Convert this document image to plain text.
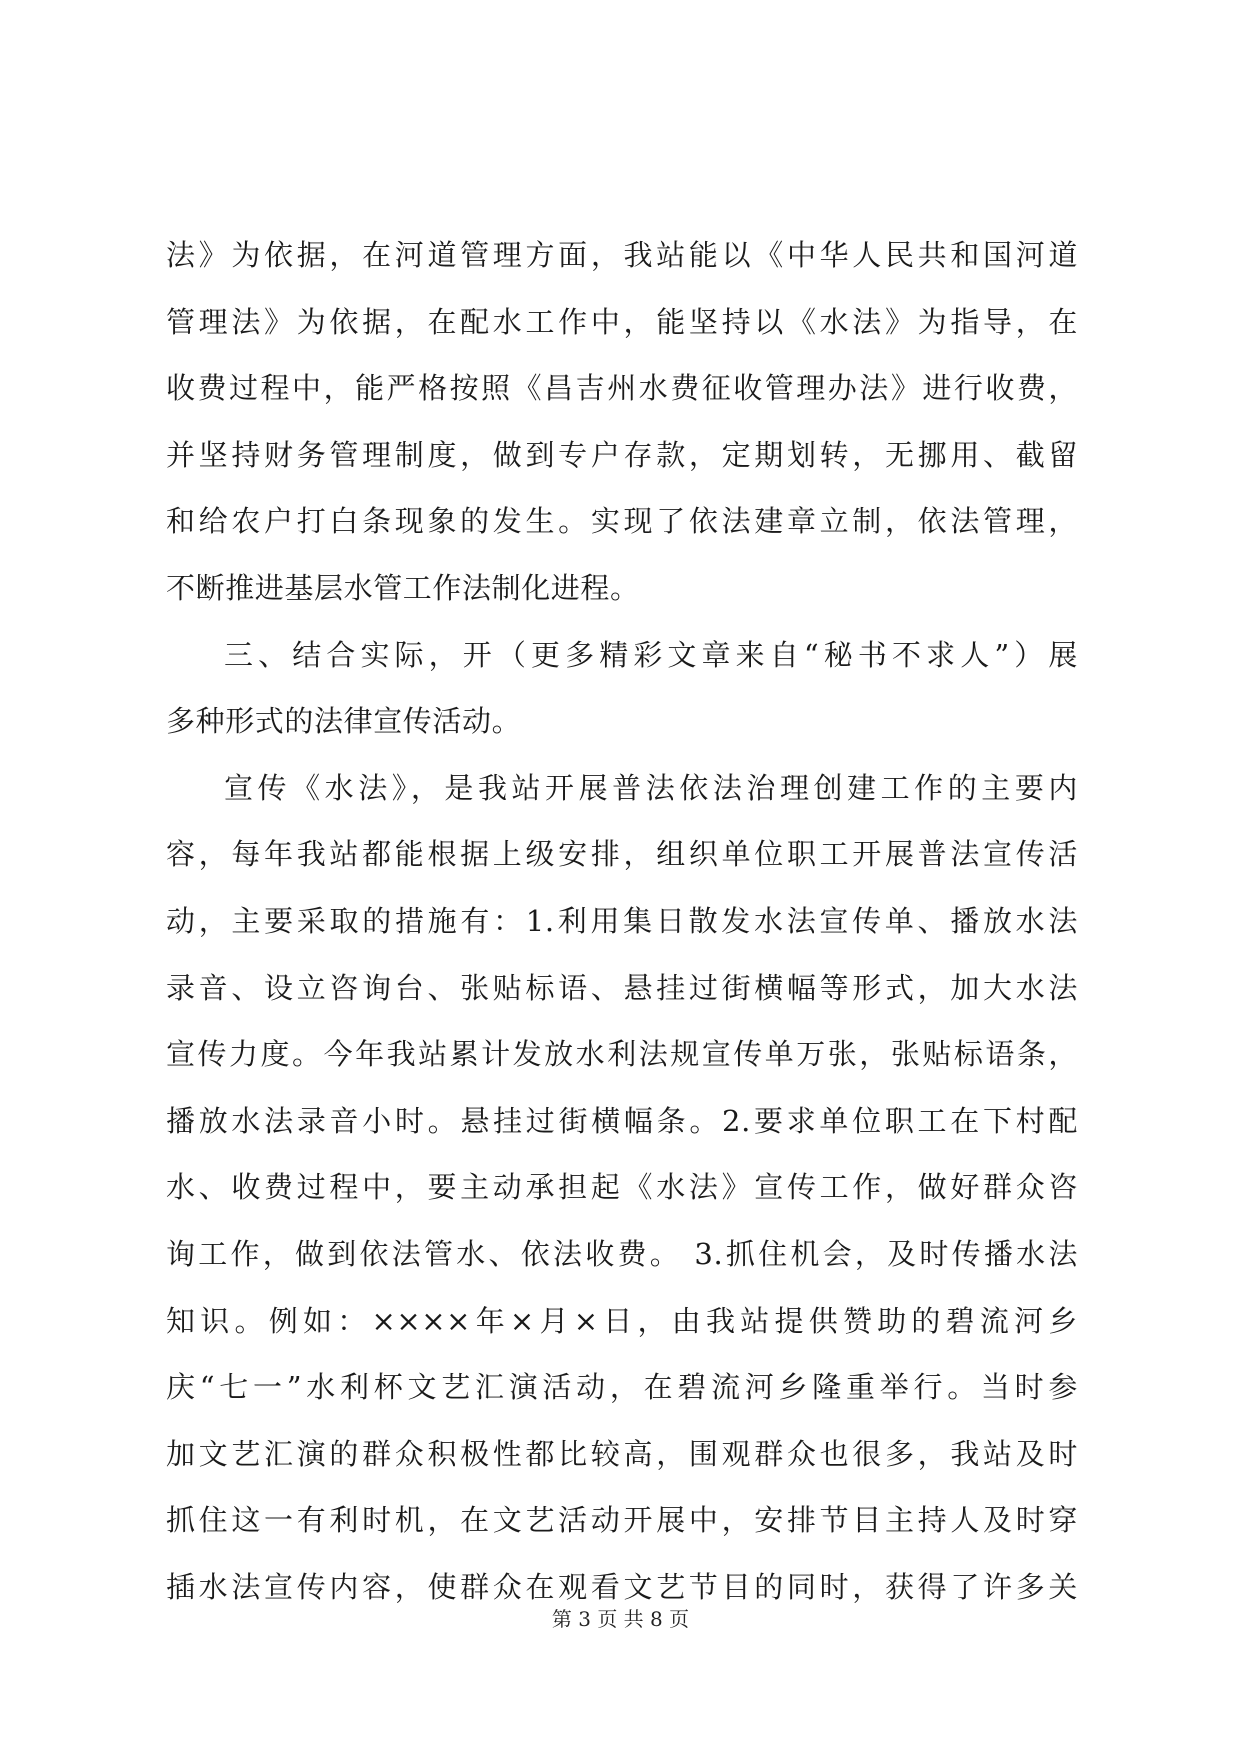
法》为依据，在河道管理方面，我站能以《中华人民共和国河道
管理法》为依据，在配水工作中，能坚持以《水法》为指导，在
收费过程中，能严格按照《昌吉州水费征收管理办法》进行收费，
并坚持财务管理制度，做到专户存款，定期划转，无挪用、截留
和给农户打白条现象的发生。实现了依法建章立制，依法管理，
不断推进基层水管工作法制化进程。
三、结合实际，开（更多精彩文章来自“秘书不求人”）展
多种形式的法律宣传活动。
宣传《水法》，是我站开展普法依法治理创建工作的主要内
容，每年我站都能根据上级安排，组织单位职工开展普法宣传活
动，主要采取的措施有：1.利用集日散发水法宣传单、播放水法
录音、设立咨询台、张贴标语、悬挂过街横幅等形式，加大水法
宣传力度。今年我站累计发放水利法规宣传单万张，张贴标语条，
播放水法录音小时。悬挂过街横幅条。2.要求单位职工在下村配
水、收费过程中，要主动承担起《水法》宣传工作，做好群众咨
询工作，做到依法管水、依法收费。 3.抓住机会，及时传播水法
知识。例如：××××年×月×日，由我站提供赞助的碧流河乡
庆“七一”水利杯文艺汇演活动，在碧流河乡隆重举行。当时参
加文艺汇演的群众积极性都比较高，围观群众也很多，我站及时
抓住这一有利时机，在文艺活动开展中，安排节目主持人及时穿
插水法宣传内容，使群众在观看文艺节目的同时，获得了许多关
第 3 页 共 8 页
